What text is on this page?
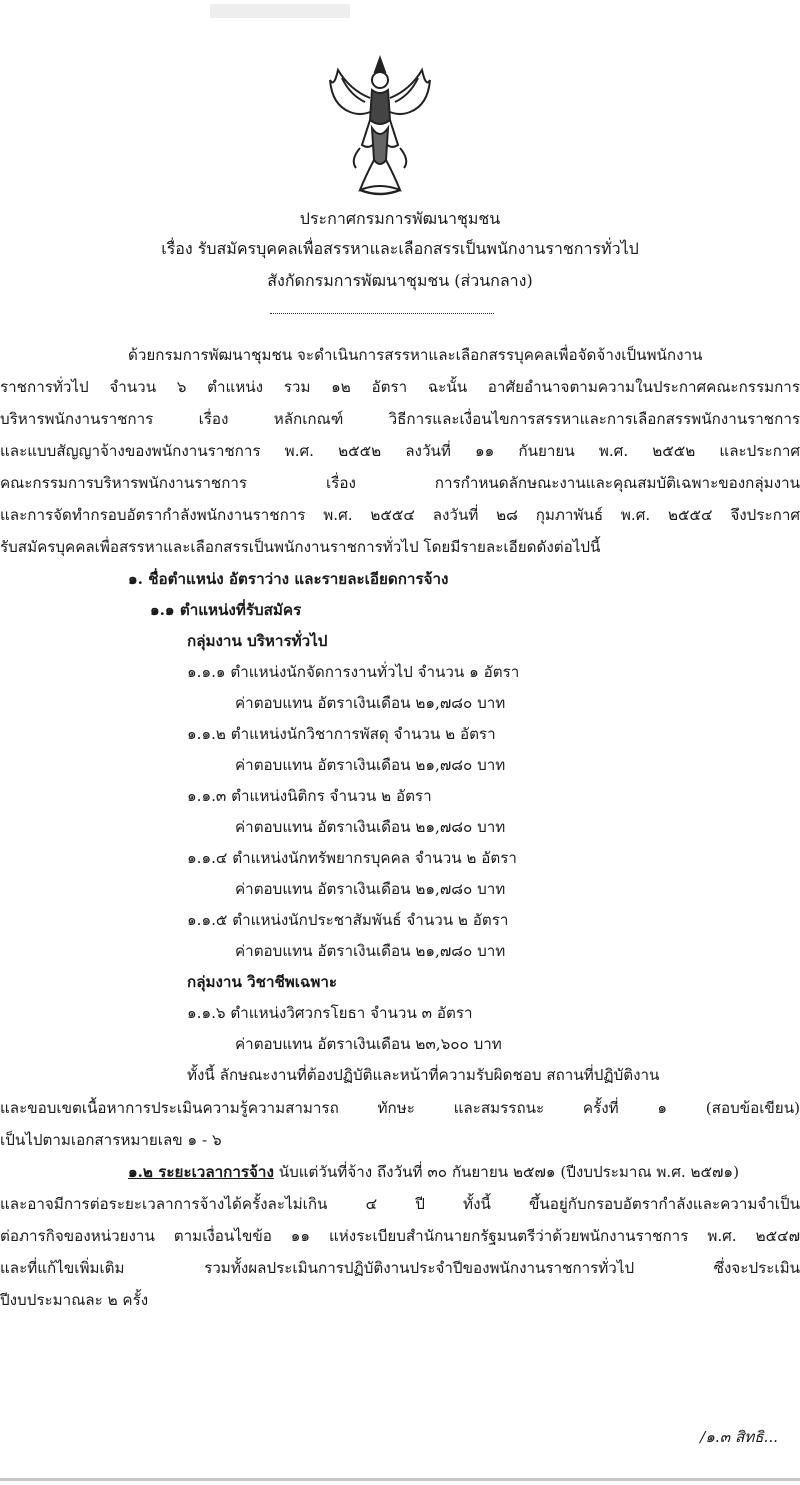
ประกาศกรมการพัฒนาชุมชน
เรื่อง รับสมัครบุคคลเพื่อสรรหาและเลือกสรรเป็นพนักงานราชการทั่วไป
สังกัดกรมการพัฒนาชุมชน (ส่วนกลาง)
ด้วยกรมการพัฒนาชุมชน จะดำเนินการสรรหาและเลือกสรรบุคคลเพื่อจัดจ้างเป็นพนักงาน
ราชการทั่วไป จำนวน ๖ ตำแหน่ง รวม ๑๒ อัตรา ฉะนั้น อาศัยอำนาจตามความในประกาศคณะกรรมการ
บริหารพนักงานราชการ เรื่อง หลักเกณฑ์ วิธีการและเงื่อนไขการสรรหาและการเลือกสรรพนักงานราชการ
และแบบสัญญาจ้างของพนักงานราชการ พ.ศ. ๒๕๕๒ ลงวันที่ ๑๑ กันยายน พ.ศ. ๒๕๕๒ และประกาศ
คณะกรรมการบริหารพนักงานราชการ เรื่อง การกำหนดลักษณะงานและคุณสมบัติเฉพาะของกลุ่มงาน
และการจัดทำกรอบอัตรากำลังพนักงานราชการ พ.ศ. ๒๕๕๔ ลงวันที่ ๒๘ กุมภาพันธ์ พ.ศ. ๒๕๕๔ จึงประกาศ
รับสมัครบุคคลเพื่อสรรหาและเลือกสรรเป็นพนักงานราชการทั่วไป โดยมีรายละเอียดดังต่อไปนี้
๑. ชื่อตำแหน่ง อัตราว่าง และรายละเอียดการจ้าง
๑.๑ ตำแหน่งที่รับสมัคร
กลุ่มงาน บริหารทั่วไป
๑.๑.๑ ตำแหน่งนักจัดการงานทั่วไป จำนวน ๑ อัตรา
ค่าตอบแทน อัตราเงินเดือน ๒๑,๗๘๐ บาท
๑.๑.๒ ตำแหน่งนักวิชาการพัสดุ จำนวน ๒ อัตรา
ค่าตอบแทน อัตราเงินเดือน ๒๑,๗๘๐ บาท
๑.๑.๓ ตำแหน่งนิติกร จำนวน ๒ อัตรา
ค่าตอบแทน อัตราเงินเดือน ๒๑,๗๘๐ บาท
๑.๑.๔ ตำแหน่งนักทรัพยากรบุคคล จำนวน ๒ อัตรา
ค่าตอบแทน อัตราเงินเดือน ๒๑,๗๘๐ บาท
๑.๑.๕ ตำแหน่งนักประชาสัมพันธ์ จำนวน ๒ อัตรา
ค่าตอบแทน อัตราเงินเดือน ๒๑,๗๘๐ บาท
กลุ่มงาน วิชาชีพเฉพาะ
๑.๑.๖ ตำแหน่งวิศวกรโยธา จำนวน ๓ อัตรา
ค่าตอบแทน อัตราเงินเดือน ๒๓,๖๐๐ บาท
ทั้งนี้ ลักษณะงานที่ต้องปฏิบัติและหน้าที่ความรับผิดชอบ สถานที่ปฏิบัติงาน
และขอบเขตเนื้อหาการประเมินความรู้ความสามารถ ทักษะ และสมรรถนะ ครั้งที่ ๑ (สอบข้อเขียน)
เป็นไปตามเอกสารหมายเลข ๑ - ๖
๑.๒ ระยะเวลาการจ้าง นับแต่วันที่จ้าง ถึงวันที่ ๓๐ กันยายน ๒๕๗๑ (ปีงบประมาณ พ.ศ. ๒๕๗๑)
และอาจมีการต่อระยะเวลาการจ้างได้ครั้งละไม่เกิน ๔ ปี ทั้งนี้ ขึ้นอยู่กับกรอบอัตรากำลังและความจำเป็น
ต่อภารกิจของหน่วยงาน ตามเงื่อนไขข้อ ๑๑ แห่งระเบียบสำนักนายกรัฐมนตรีว่าด้วยพนักงานราชการ พ.ศ. ๒๕๔๗
และที่แก้ไขเพิ่มเติม รวมทั้งผลประเมินการปฏิบัติงานประจำปีของพนักงานราชการทั่วไป ซึ่งจะประเมิน
ปีงบประมาณละ ๒ ครั้ง
/๑.๓ สิทธิ...
